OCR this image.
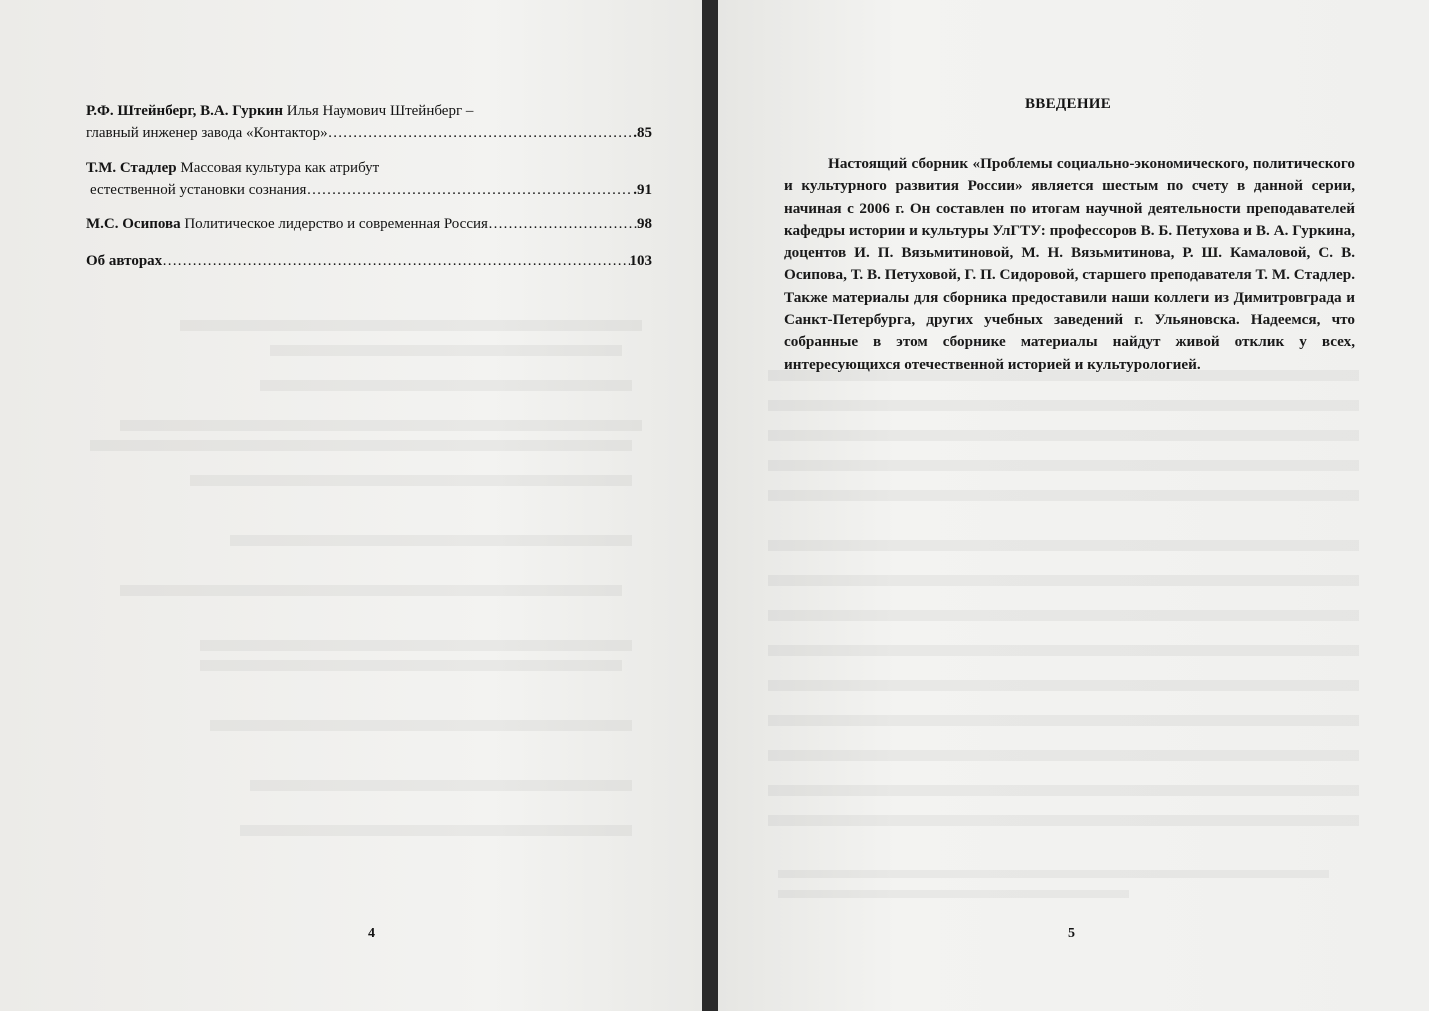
Р.Ф. Штейнберг, В.А. Гуркин Илья Наумович Штейнберг –
главный инженер завода «Контактор» ……………………………………………………………………………………………………………………………………	.85
Т.М. Стадлер Массовая культура как атрибут
естественной установки сознания ……………………………………………………………………………………………………………………………………	.91
М.С. Осипова
Политическое лидерство и современная Россия ………………………………………………………………………………………………………………	98
Об авторах ………………………………………………………………………………………………………………	103
4
ВВЕДЕНИЕ
Настоящий сборник «Проблемы социально-экономического, политического и культурного развития России» является шестым по счету в данной серии, начиная с 2006 г. Он составлен по итогам научной деятельности преподавателей кафедры истории и культуры УлГТУ: профессоров В. Б. Петухова и В. А. Гуркина, доцентов И. П. Вязьмитиновой, М. Н. Вязьмитинова, Р. Ш. Камаловой, С. В. Осипова, Т. В. Петуховой, Г. П. Сидоровой, старшего преподавателя Т. М. Стадлер. Также материалы для сборника предоставили наши коллеги из Димитровграда и Санкт-Петербурга, других учебных заведений г. Ульяновска. Надеемся, что собранные в этом сборнике материалы найдут живой отклик у всех, интересующихся отечественной историей и культурологией.
5
